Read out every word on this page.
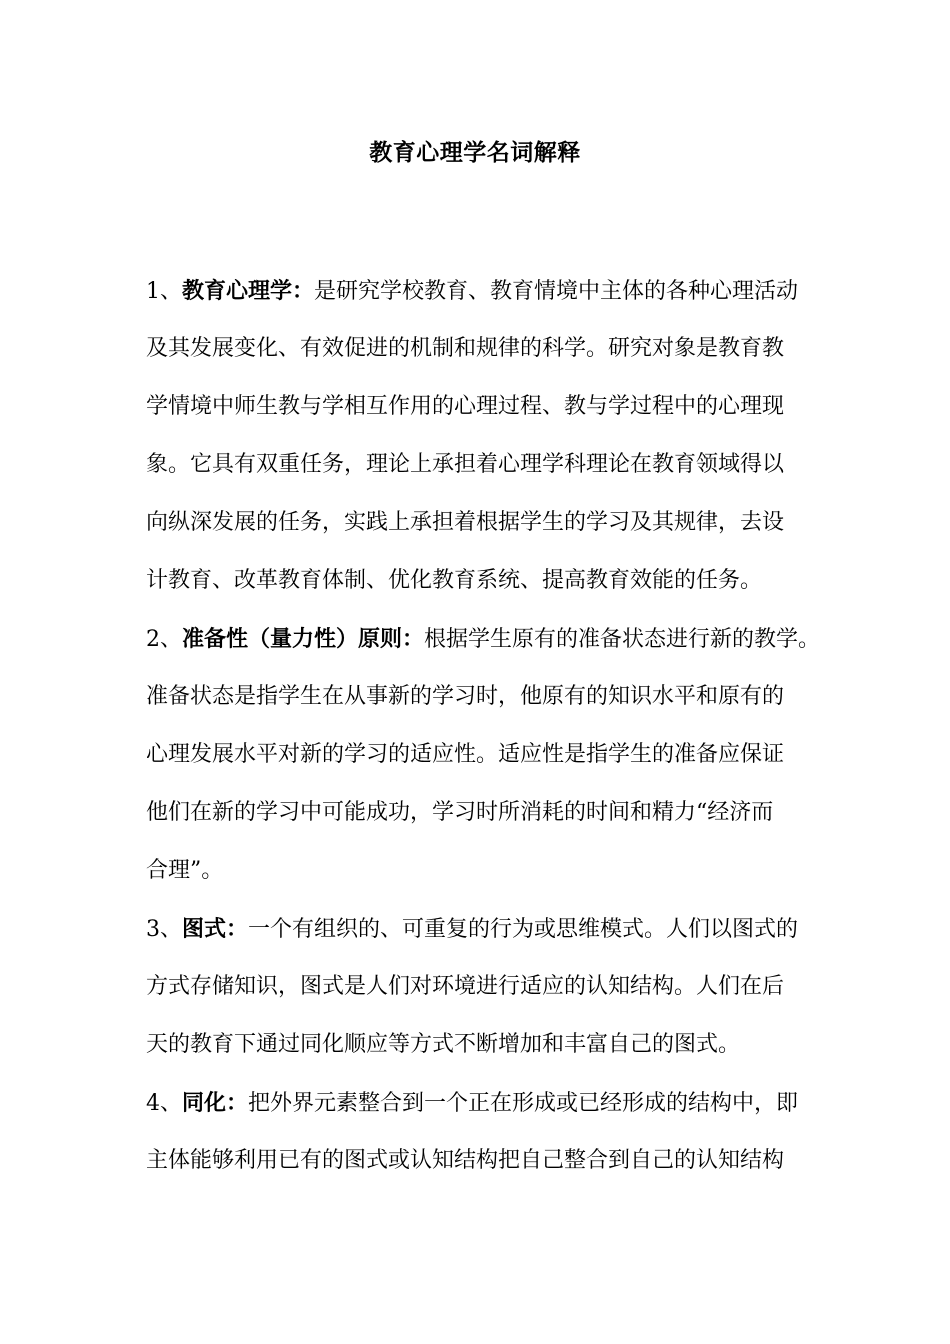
教育心理学名词解释
1、教育心理学：是研究学校教育、教育情境中主体的各种心理活动
及其发展变化、有效促进的机制和规律的科学。研究对象是教育教
学情境中师生教与学相互作用的心理过程、教与学过程中的心理现
象。它具有双重任务，理论上承担着心理学科理论在教育领域得以
向纵深发展的任务，实践上承担着根据学生的学习及其规律，去设
计教育、改革教育体制、优化教育系统、提高教育效能的任务。
2、准备性（量力性）原则：根据学生原有的准备状态进行新的教学。
准备状态是指学生在从事新的学习时，他原有的知识水平和原有的
心理发展水平对新的学习的适应性。适应性是指学生的准备应保证
他们在新的学习中可能成功，学习时所消耗的时间和精力“经济而
合理”。
3、图式：一个有组织的、可重复的行为或思维模式。人们以图式的
方式存储知识，图式是人们对环境进行适应的认知结构。人们在后
天的教育下通过同化顺应等方式不断增加和丰富自己的图式。
4、同化：把外界元素整合到一个正在形成或已经形成的结构中，即
主体能够利用已有的图式或认知结构把自己整合到自己的认知结构
